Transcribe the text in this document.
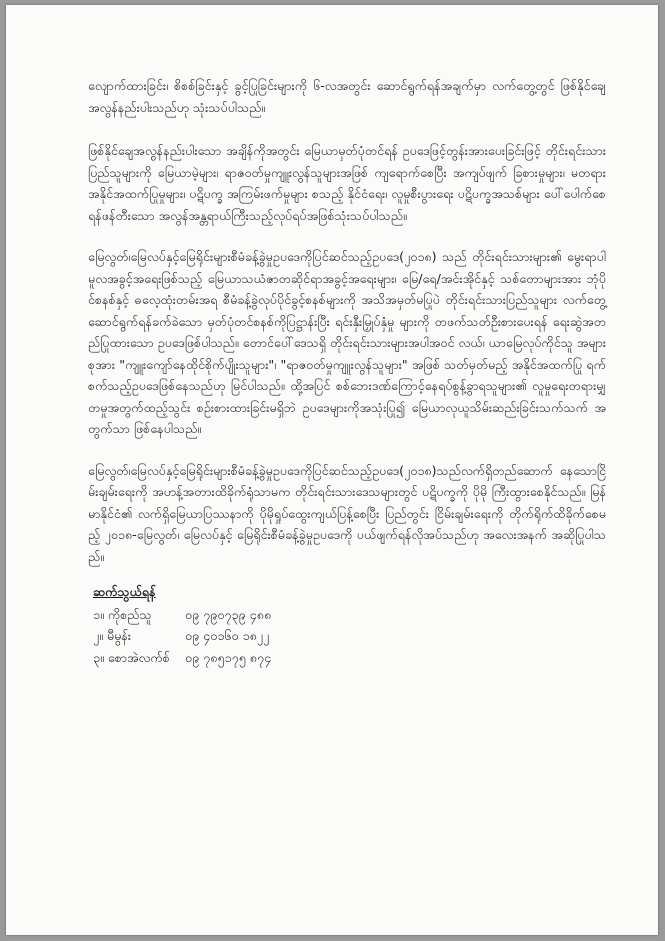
လျောက်ထားခြင်း၊ စိစစ်ခြင်းနှင့် ခွင့်ပြုခြင်းများကို ၆-လအတွင်း ဆောင်ရွက်ရန်အချက်မှာ လက်တွေ့တွင် ဖြစ်နိုင်ချေ အလွန်နည်းပါးသည်ဟု သုံးသပ်ပါသည်။

ဖြစ်နိုင်ချေအလွန်နည်းပါးသော အချိန်ကိုအတွင်း မြေယာမှတ်ပုံတင်ရန် ဥပဒေဖြင့်တွန်းအားပေးခြင်းဖြင့် တိုင်းရင်းသားပြည်သူများကို မြေယာမဲ့များ၊ ရာဇဝတ်မှုကျူးလွန်သူများအဖြစ် ကျရောက်စေပြီး အကျပ်ဖျက် ခြစားမှုများ၊ မတရား အနိုင်အထက်ပြုမှုများ၊ ပဋိပက္ခ အကြမ်းဖက်မှုများ စသည့် နိုင်ငံရေး၊ လူမှုစီးပွားရေး ပဋိပက္ခအသစ်များ ပေါ်ပေါက်စေရန်ဖန်တီးသော အလွန်အန္တရာယ်ကြီးသည့်လုပ်ရပ်အဖြစ်သုံးသပ်ပါသည်။

မြေလွတ်၊မြေလပ်နှင့်မြေရိုင်းများစီမံခန့်ခွဲမှုဥပဒေကိုပြင်ဆင်သည့်ဥပဒေ(၂၀၁၈) သည် တိုင်းရင်းသားများ၏ မွေးရာပါမူလအခွင့်အရေးဖြစ်သည့် မြေယာသယံဇာတဆိုင်ရာအခွင့်အရေးများ၊ မြေ/ရေ/အင်းအိုင်နှင့် သစ်တောများအား ဘုံပိုင်စနစ်နှင့် ဓလေ့ထုံးတမ်းအရ စီမံခန့်ခွဲလုပ်ပိုင်ခွင့်စနစ်များကို အသိအမှတ်မပြုပဲ တိုင်းရင်းသားပြည်သူများ လက်တွေ့ဆောင်ရွက်ရန်ခက်ခဲသော မှတ်ပုံတင်စနစ်ကိုပြဋ္ဌာန်းပြီး ရင်းနှီးမြှုပ်နှံမှု များကို တဖက်သတ်ဦးစားပေးရန် ရေးဆွဲအတည်ပြုထားသော ဥပဒေဖြစ်ပါသည်။ တောင်ပေါ်ဒေသရှိ တိုင်းရင်းသားများအပါအဝင် လယ်၊ ယာမြေလုပ်ကိုင်သူ အများစုအား "ကျူးကျော်နေထိုင်စိုက်ပျိုးသူများ"၊ "ရာဇဝတ်မှုကျူးလွန်သူများ" အဖြစ် သတ်မှတ်မည့် အနိုင်အထက်ပြု ရက်စက်သည့်ဥပဒေဖြစ်နေသည်ဟု မြင်ပါသည်။ ထို့အပြင် စစ်ဘေးဒဏ်ကြောင့်နေရပ်စွန့်ခွာရသူများ၏ လူမှုရေးတရားမျှတမှုအတွက်ထည့်သွင်း စဉ်းစားထားခြင်းမရှိဘဲ ဥပဒေများကိုအသုံးပြု၍ မြေယာလုယူသိမ်းဆည်းခြင်းသက်သက် အတွက်သာ ဖြစ်နေပါသည်။

မြေလွတ်၊မြေလပ်နှင့်မြေရိုင်းများစီမံခန့်ခွဲမှုဥပဒေကိုပြင်ဆင်သည့်ဥပဒေ(၂၀၁၈)သည်လက်ရှိတည်ဆောက် နေသောငြိမ်းချမ်းရေးကို အဟန့်အတားထိခိုက်ရုံသာမက တိုင်းရင်းသားဒေသများတွင် ပဋိပက္ခကို ပိုမို ကြီးထွားစေနိုင်သည်။ မြန်မာနိုင်ငံ၏ လက်ရှိမြေယာပြဿနာကို ပိုမိုရှုပ်ထွေးကျယ်ပြန့်စေပြီး ပြည်တွင်း ငြိမ်းချမ်းရေးကို တိုက်ရိုက်ထိခိုက်စေမည့် ၂၀၁၈-မြေလွတ်၊ မြေလပ်နှင့် မြေရိုင်းစီမံခန့်ခွဲမှုဥပဒေကို ပယ်ဖျက်ရန်လိုအပ်သည်ဟု အလေးအနက် အဆိုပြုပါသည်။

ဆက်သွယ်ရန်
၁။ ကိုစည်သူ	၀၉ ၇၉၀၇၃၉ ၄၈၈
၂။ မီမွန်း	၀၉ ၄၀၁၆၀ ၁၈၂၂
၃။ စောအဲလက်စ်	၀၉ ၇၈၅၁၇၅ ၈၇၄
